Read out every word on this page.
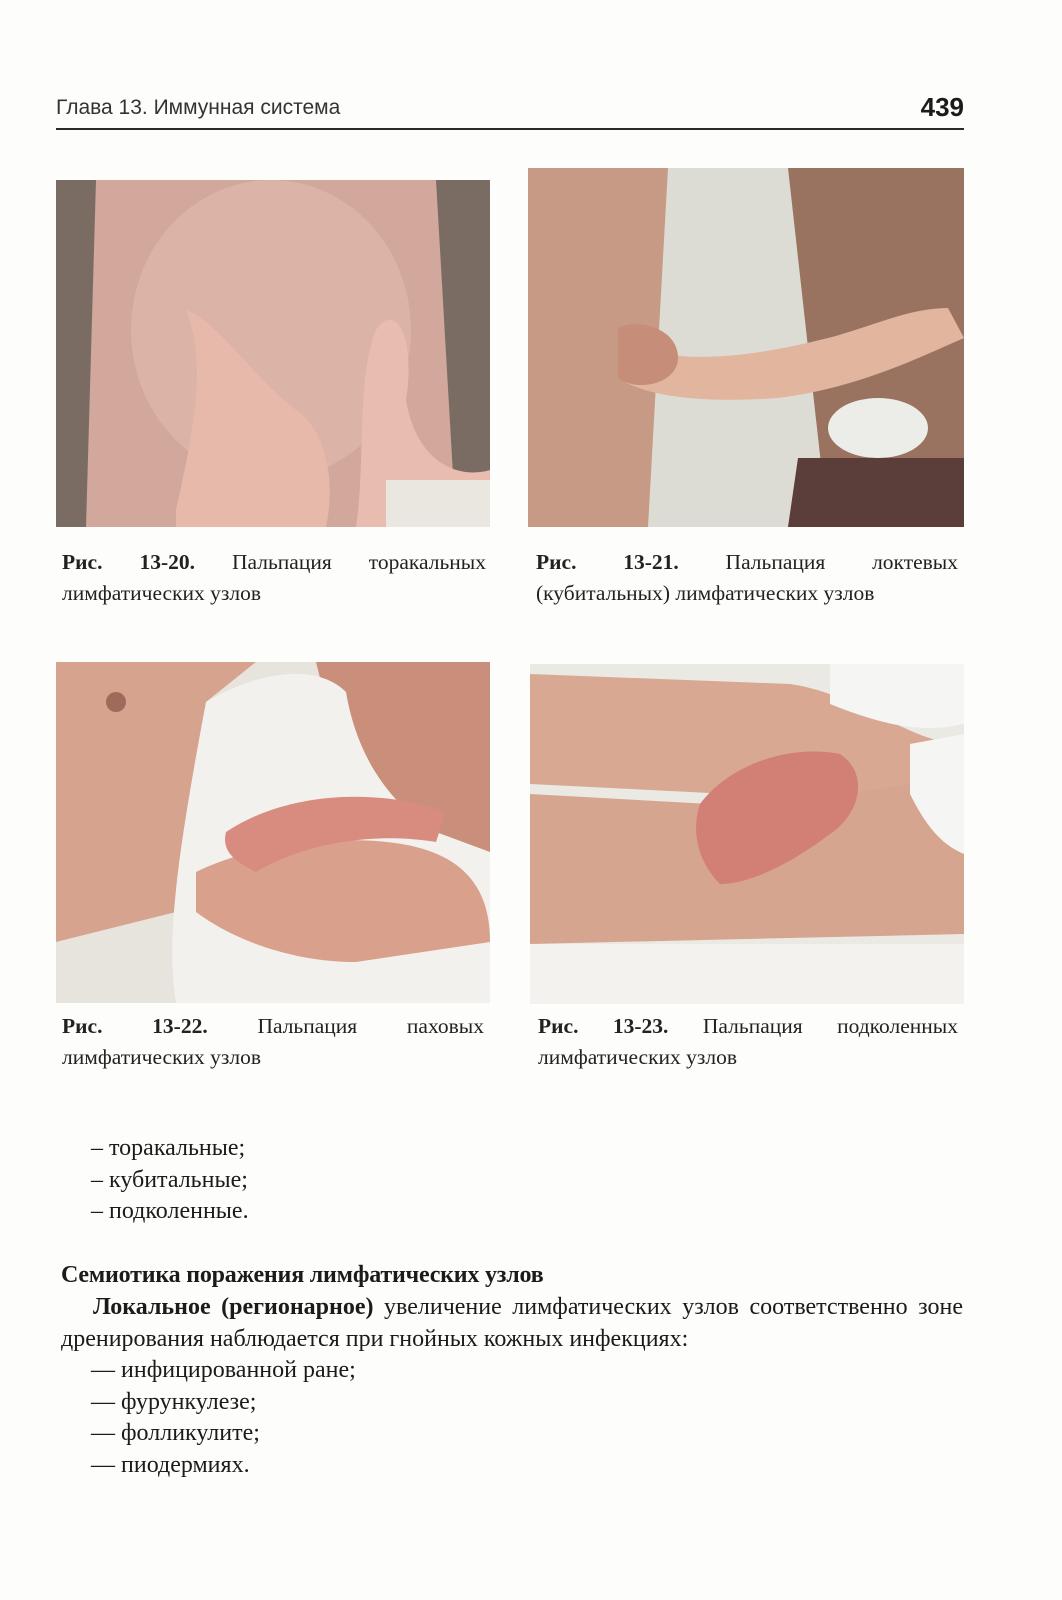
Глава 13. Иммунная система	439
Рис. 13-20. Пальпация торакальных лимфатических узлов
Рис. 13-21. Пальпация локтевых (кубитальных) лимфатических узлов
Рис. 13-22. Пальпация паховых лимфатических узлов
Рис. 13-23. Пальпация подколенных лимфатических узлов
– торакальные;
– кубитальные;
– подколенные.
Семиотика поражения лимфатических узлов

Локальное (регионарное) увеличение лимфатических узлов соответственно зоне дренирования наблюдается при гнойных кожных инфекциях:

— инфицированной ране;
— фурункулезе;
— фолликулите;
— пиодермиях.
